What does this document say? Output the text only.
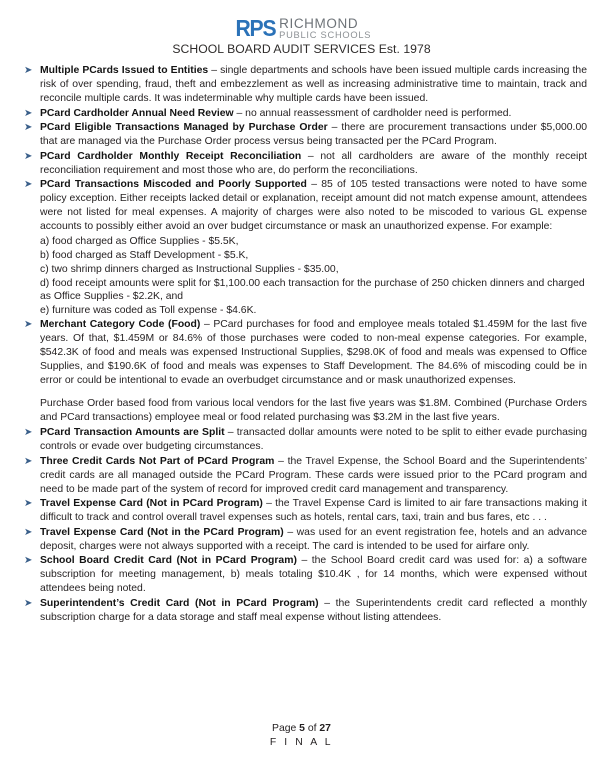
RPS RICHMOND
PUBLIC SCHOOLS
SCHOOL BOARD AUDIT SERVICES Est. 1978
➤ Multiple PCards Issued to Entities – single departments and schools have been issued multiple cards increasing the risk of over spending, fraud, theft and embezzlement as well as increasing administrative time to maintain, track and reconcile multiple cards. It was indeterminable why multiple cards have been issued.
➤ PCard Cardholder Annual Need Review – no annual reassessment of cardholder need is performed.
➤ PCard Eligible Transactions Managed by Purchase Order – there are procurement transactions under $5,000.00 that are managed via the Purchase Order process versus being transacted per the PCard Program.
➤ PCard Cardholder Monthly Receipt Reconciliation – not all cardholders are aware of the monthly receipt reconciliation requirement and most those who are, do perform the reconciliations.
➤ PCard Transactions Miscoded and Poorly Supported – 85 of 105 tested transactions were noted to have some policy exception. Either receipts lacked detail or explanation, receipt amount did not match expense amount, attendees were not listed for meal expenses. A majority of charges were also noted to be miscoded to various GL expense accounts to possibly either avoid an over budget circumstance or mask an unauthorized expense. For example:
a) food charged as Office Supplies - $5.5K,
b) food charged as Staff Development - $5.K,
c) two shrimp dinners charged as Instructional Supplies - $35.00,
d) food receipt amounts were split for $1,100.00 each transaction for the purchase of 250 chicken dinners and charged as Office Supplies - $2.2K, and
e) furniture was coded as Toll expense - $4.6K.
➤ Merchant Category Code (Food) – PCard purchases for food and employee meals totaled $1.459M for the last five years. Of that, $1.459M or 84.6% of those purchases were coded to non-meal expense categories. For example, $542.3K of food and meals was expensed Instructional Supplies, $298.0K of food and meals was expensed to Office Supplies, and $190.6K of food and meals was expenses to Staff Development. The 84.6% of miscoding could be in error or could be intentional to evade an overbudget circumstance and or mask unauthorized expenses.
Purchase Order based food from various local vendors for the last five years was $1.8M. Combined (Purchase Orders and PCard transactions) employee meal or food related purchasing was $3.2M in the last five years.
➤ PCard Transaction Amounts are Split – transacted dollar amounts were noted to be split to either evade purchasing controls or evade over budgeting circumstances.
➤ Three Credit Cards Not Part of PCard Program – the Travel Expense, the School Board and the Superintendents’ credit cards are all managed outside the PCard Program. These cards were issued prior to the PCard program and need to be made part of the system of record for improved credit card management and transparency.
➤ Travel Expense Card (Not in PCard Program) – the Travel Expense Card is limited to air fare transactions making it difficult to track and control overall travel expenses such as hotels, rental cars, taxi, train and bus fares, etc . . .
➤ Travel Expense Card (Not in the PCard Program) – was used for an event registration fee, hotels and an advance deposit, charges were not always supported with a receipt. The card is intended to be used for airfare only.
➤ School Board Credit Card (Not in PCard Program) – the School Board credit card was used for: a) a software subscription for meeting management, b) meals totaling $10.4K , for 14 months, which were expensed without attendees being noted.
➤ Superintendent’s Credit Card (Not in PCard Program) – the Superintendents credit card reflected a monthly subscription charge for a data storage and staff meal expense without listing attendees.
Page 5 of 27
F I N A L
